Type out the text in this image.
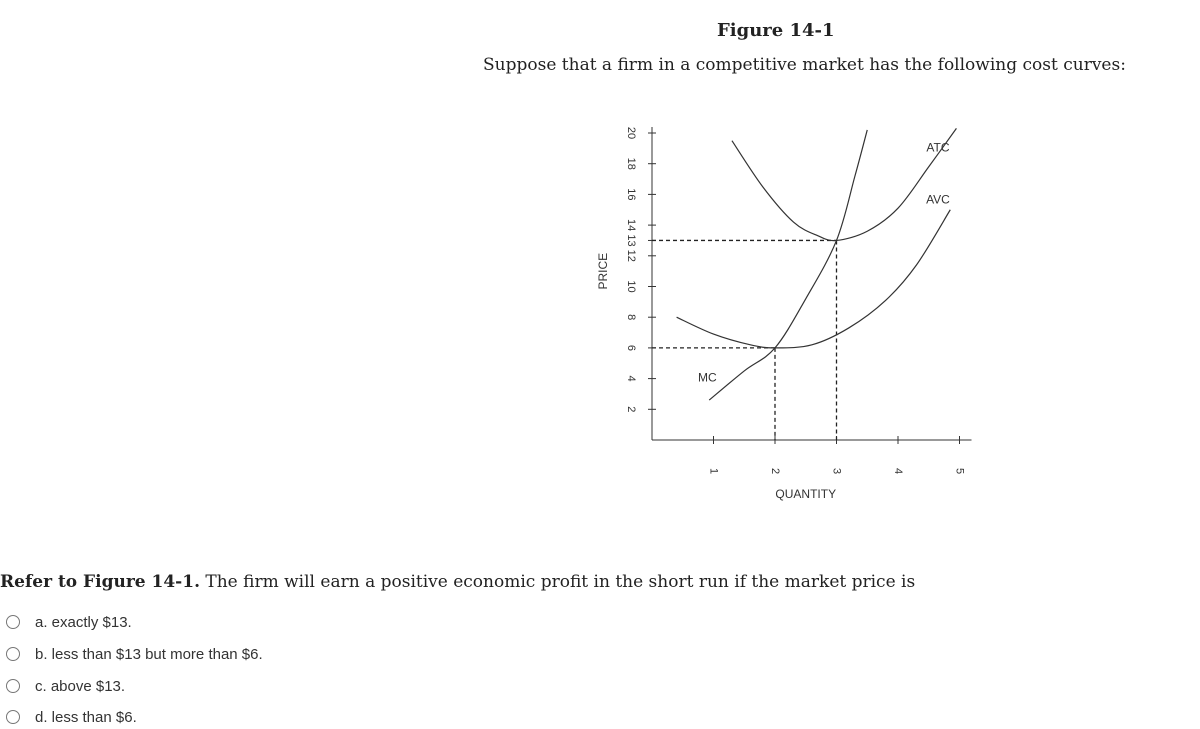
Figure 14-1
Suppose that a firm in a competitive market has the following cost curves:
2
4
6
8
10
12
13
14
16
18
20
1	2	3	4	5
QUANTITY
PRICE
MC
ATC
AVC
Refer to Figure 14-1. The firm will earn a positive economic profit in the short run if the market price is
a. exactly $13.
b. less than $13 but more than $6.
c. above $13.
d. less than $6.
